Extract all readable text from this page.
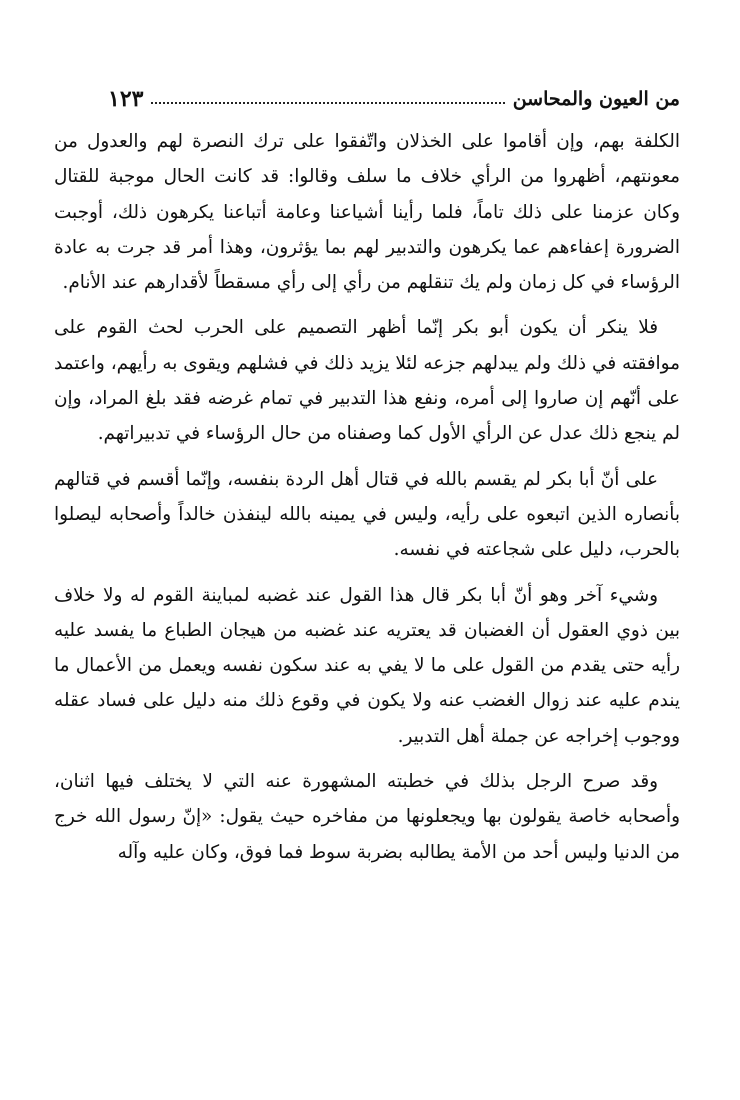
من العيون والمحاسن
١٢٣

الكلفة بهم، وإن أقاموا على الخذلان واتّفقوا على ترك النصرة لهم والعدول من معونتهم، أظهروا من الرأي خلاف ما سلف وقالوا: قد كانت الحال موجبة للقتال وكان عزمنا على ذلك تاماً، فلما رأينا أشياعنا وعامة أتباعنا يكرهون ذلك، أوجبت الضرورة إعفاءهم عما يكرهون والتدبير لهم بما يؤثرون، وهذا أمر قد جرت به عادة الرؤساء في كل زمان ولم يك تنقلهم من رأي إلى رأي مسقطاً لأقدارهم عند الأنام.

فلا ينكر أن يكون أبو بكر إنّما أظهر التصميم على الحرب لحث القوم على موافقته في ذلك ولم يبدلهم جزعه لئلا يزيد ذلك في فشلهم ويقوى به رأيهم، واعتمد على أنّهم إن صاروا إلى أمره، ونفع هذا التدبير في تمام غرضه فقد بلغ المراد، وإن لم ينجع ذلك عدل عن الرأي الأول كما وصفناه من حال الرؤساء في تدبيراتهم.

على أنّ أبا بكر لم يقسم بالله في قتال أهل الردة بنفسه، وإنّما أقسم في قتالهم بأنصاره الذين اتبعوه على رأيه، وليس في يمينه بالله لينفذن خالداً وأصحابه ليصلوا بالحرب، دليل على شجاعته في نفسه.

وشيء آخر وهو أنّ أبا بكر قال هذا القول عند غضبه لمباينة القوم له ولا خلاف بين ذوي العقول أن الغضبان قد يعتريه عند غضبه من هيجان الطباع ما يفسد عليه رأيه حتى يقدم من القول على ما لا يفي به عند سكون نفسه ويعمل من الأعمال ما يندم عليه عند زوال الغضب عنه ولا يكون في وقوع ذلك منه دليل على فساد عقله ووجوب إخراجه عن جملة أهل التدبير.

وقد صرح الرجل بذلك في خطبته المشهورة عنه التي لا يختلف فيها اثنان، وأصحابه خاصة يقولون بها ويجعلونها من مفاخره حيث يقول: «إنّ رسول الله خرج من الدنيا وليس أحد من الأمة يطالبه بضربة سوط فما فوق، وكان عليه وآله
